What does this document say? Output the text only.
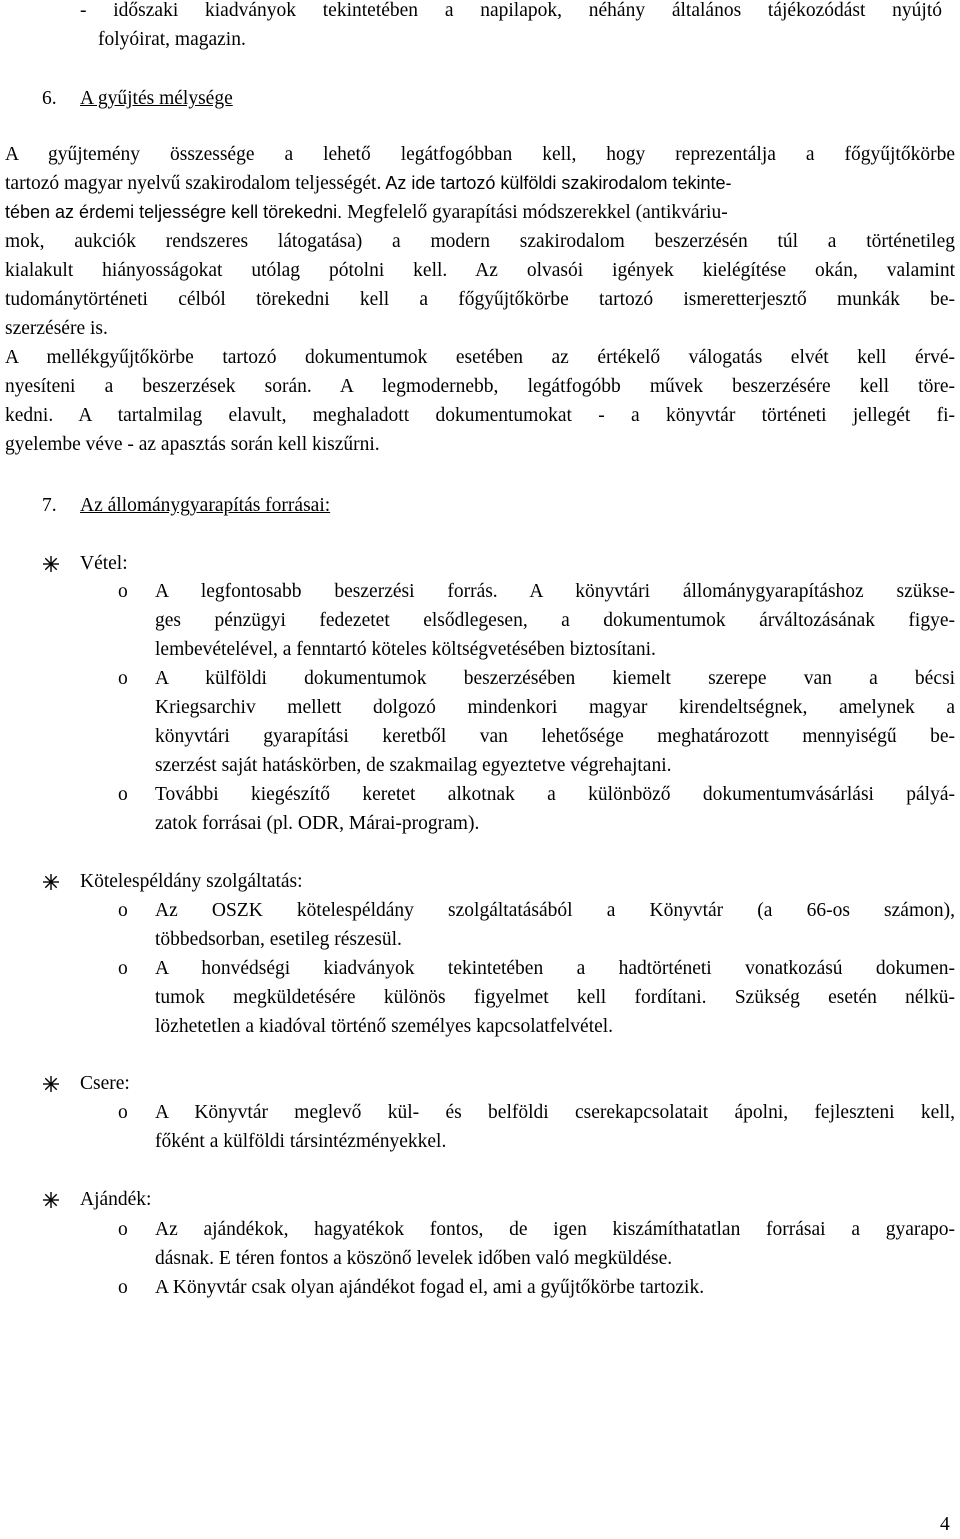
- időszaki kiadványok tekintetében a napilapok, néhány általános tájékozódást nyújtó
folyóirat, magazin.
6. A gyűjtés mélysége
A gyűjtemény összessége a lehető legátfogóbban kell, hogy reprezentálja a főgyűjtőkörbe
tartozó magyar nyelvű szakirodalom teljességét. Az ide tartozó külföldi szakirodalom tekinte-
tében az érdemi teljességre kell törekedni. Megfelelő gyarapítási módszerekkel (antikváriu-
mok, aukciók rendszeres látogatása) a modern szakirodalom beszerzésén túl a történetileg
kialakult hiányosságokat utólag pótolni kell. Az olvasói igények kielégítése okán, valamint
tudománytörténeti célból törekedni kell a főgyűjtőkörbe tartozó ismeretterjesztő munkák be-
szerzésére is.
A mellékgyűjtőkörbe tartozó dokumentumok esetében az értékelő válogatás elvét kell érvé-
nyesíteni a beszerzések során. A legmodernebb, legátfogóbb művek beszerzésére kell töre-
kedni. A tartalmilag elavult, meghaladott dokumentumokat - a könyvtár történeti jellegét fi-
gyelembe véve - az apasztás során kell kiszűrni.
7. Az állománygyarapítás forrásai:
Vétel:
o A legfontosabb beszerzési forrás. A könyvtári állománygyarapításhoz szükse-
ges pénzügyi fedezetet elsődlegesen, a dokumentumok árváltozásának figye-
lembevételével, a fenntartó köteles költségvetésében biztosítani.
o A külföldi dokumentumok beszerzésében kiemelt szerepe van a bécsi
Kriegsarchiv mellett dolgozó mindenkori magyar kirendeltségnek, amelynek a
könyvtári gyarapítási keretből van lehetősége meghatározott mennyiségű be-
szerzést saját hatáskörben, de szakmailag egyeztetve végrehajtani.
o További kiegészítő keretet alkotnak a különböző dokumentumvásárlási pályá-
zatok forrásai (pl. ODR, Márai-program).
Kötelespéldány szolgáltatás:
o Az OSZK kötelespéldány szolgáltatásából a Könyvtár (a 66-os számon),
többedsorban, esetileg részesül.
o A honvédségi kiadványok tekintetében a hadtörténeti vonatkozású dokumen-
tumok megküldetésére különös figyelmet kell fordítani. Szükség esetén nélkü-
lözhetetlen a kiadóval történő személyes kapcsolatfelvétel.
Csere:
o A Könyvtár meglevő kül- és belföldi cserekapcsolatait ápolni, fejleszteni kell,
főként a külföldi társintézményekkel.
Ajándék:
o Az ajándékok, hagyatékok fontos, de igen kiszámíthatatlan forrásai a gyarapo-
dásnak. E téren fontos a köszönő levelek időben való megküldése.
o A Könyvtár csak olyan ajándékot fogad el, ami a gyűjtőkörbe tartozik.
4
